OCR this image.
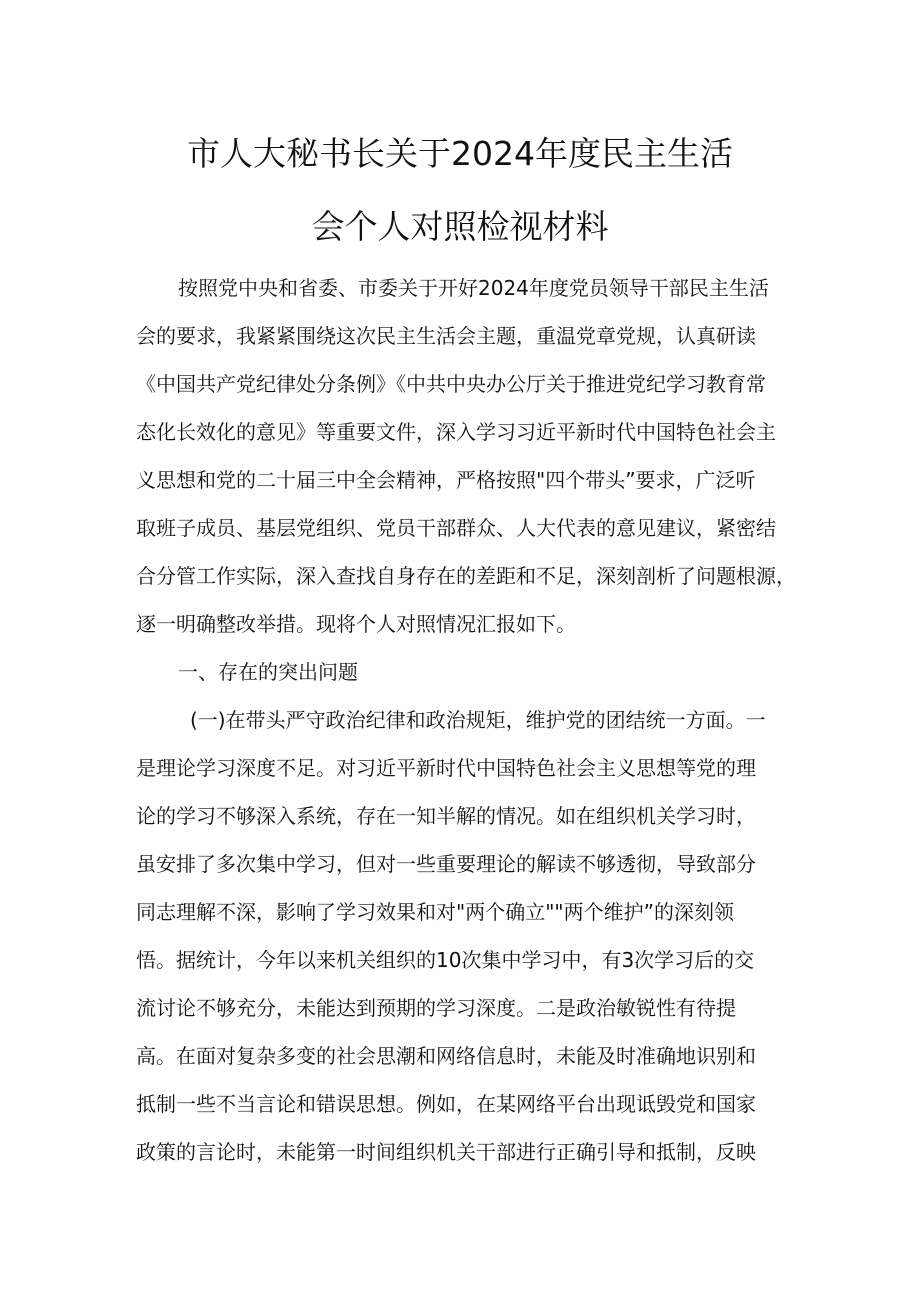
市人大秘书长关于2024年度民主生活
会个人对照检视材料
按照党中央和省委、市委关于开好2024年度党员领导干部民主生活
会的要求，我紧紧围绕这次民主生活会主题，重温党章党规，认真研读
《中国共产党纪律处分条例》《中共中央办公厅关于推进党纪学习教育常
态化长效化的意见》等重要文件，深入学习习近平新时代中国特色社会主
义思想和党的二十届三中全会精神，严格按照"四个带头”要求，广泛听
取班子成员、基层党组织、党员干部群众、人大代表的意见建议，紧密结
合分管工作实际，深入查找自身存在的差距和不足，深刻剖析了问题根源，
逐一明确整改举措。现将个人对照情况汇报如下。
一、存在的突出问题
(一)在带头严守政治纪律和政治规矩，维护党的团结统一方面。一
是理论学习深度不足。对习近平新时代中国特色社会主义思想等党的理
论的学习不够深入系统，存在一知半解的情况。如在组织机关学习时，
虽安排了多次集中学习，但对一些重要理论的解读不够透彻，导致部分
同志理解不深，影响了学习效果和对"两个确立""两个维护”的深刻领
悟。据统计，今年以来机关组织的10次集中学习中，有3次学习后的交
流讨论不够充分，未能达到预期的学习深度。二是政治敏锐性有待提
高。在面对复杂多变的社会思潮和网络信息时，未能及时准确地识别和
抵制一些不当言论和错误思想。例如，在某网络平台出现诋毁党和国家
政策的言论时，未能第一时间组织机关干部进行正确引导和抵制，反映
